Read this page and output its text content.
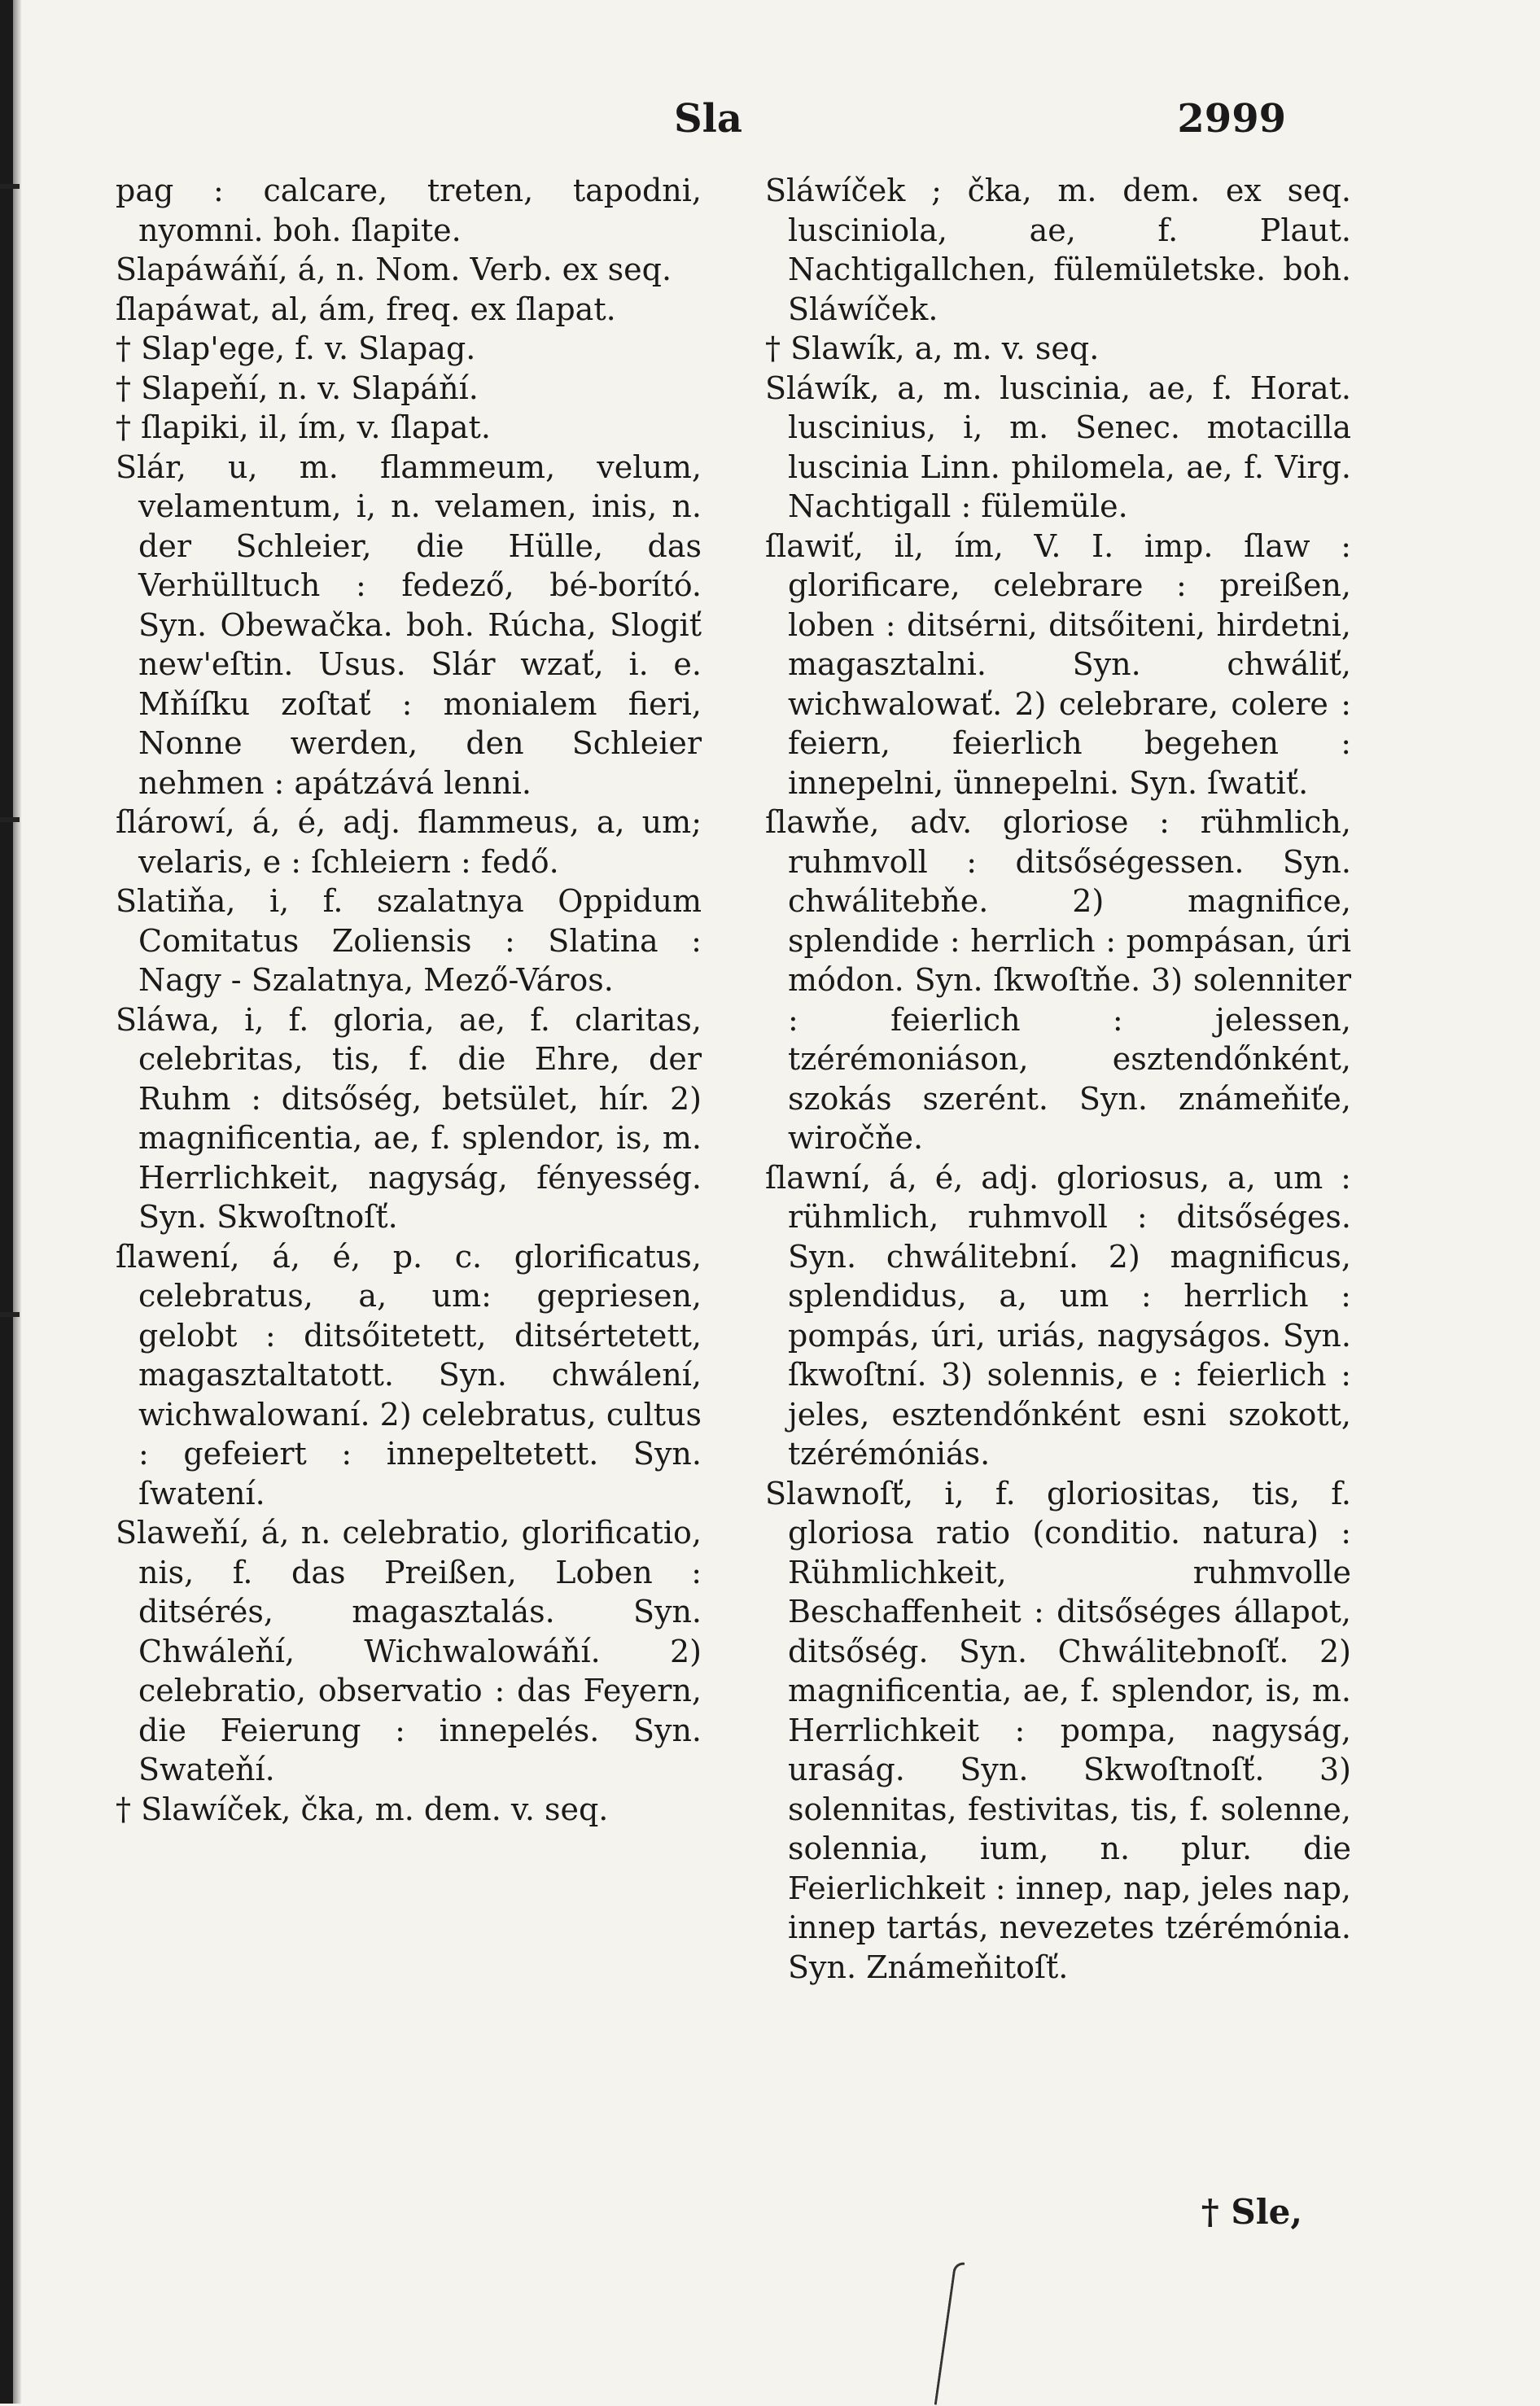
Sla	2999

pag : calcare, treten, tapodni, nyomni. boh. ſlapite.

Slapáwáňí, á, n. Nom. Verb. ex seq.

ſlapáwat, al, ám, freq. ex ſlapat.

† Slap'ege, f. v. Slapag.

† Slapeňí, n. v. Slapáňí.

† ſlapiki, il, ím, v. ſlapat.

Slár, u, m. flammeum, velum, velamentum, i, n. velamen, inis, n. der Schleier, die Hülle, das Verhülltuch : fedező, bé-borító. Syn. Obewačka. boh. Rúcha, Slogiť new'eſtin. Usus. Slár wzať, i. e. Mňíſku zoſtať : monialem fieri, Nonne werden, den Schleier nehmen : apátzává lenni.

ſlárowí, á, é, adj. flammeus, a, um; velaris, e : ſchleiern : fedő.

Slatiňa, i, f. szalatnya Oppidum Comitatus Zoliensis : Slatina : Nagy - Szalatnya, Mező-Város.

Sláwa, i, f. gloria, ae, f. claritas, celebritas, tis, f. die Ehre, der Ruhm : ditsőség, betsület, hír. 2) magnificentia, ae, f. splendor, is, m. Herrlichkeit, nagyság, fényesség. Syn. Skwoſtnoſť.

ſlawení, á, é, p. c. glorificatus, celebratus, a, um: gepriesen, gelobt : ditsőitetett, ditsértetett, magasztaltatott. Syn. chwálení, wichwalowaní. 2) celebratus, cultus : gefeiert : innepeltetett. Syn. ſwatení.

Slaweňí, á, n. celebratio, glorificatio, nis, f. das Preißen, Loben : ditsérés, magasztalás. Syn. Chwáleňí, Wichwalowáňí. 2) celebratio, observatio : das Feyern, die Feierung : innepelés. Syn. Swateňí.

† Slawíček, čka, m. dem. v. seq.

Sláwíček ; čka, m. dem. ex seq. lusciniola, ae, f. Plaut. Nachtigallchen, fülemületske. boh. Sláwíček.

† Slawík, a, m. v. seq.

Sláwík, a, m. luscinia, ae, f. Horat. luscinius, i, m. Senec. motacilla luscinia Linn. philomela, ae, f. Virg. Nachtigall : fülemüle.

ſlawiť, il, ím, V. I. imp. ſlaw : glorificare, celebrare : preißen, loben : ditsérni, ditsőiteni, hirdetni, magasztalni. Syn. chwáliť, wichwalowať. 2) celebrare, colere : feiern, feierlich begehen : innepelni, ünnepelni. Syn. ſwatiť.

ſlawňe, adv. gloriose : rühmlich, ruhmvoll : ditsőségessen. Syn. chwálitebňe. 2) magnifice, splendide : herrlich : pompásan, úri módon. Syn. ſkwoſtňe. 3) solenniter : feierlich : jelessen, tzérémoniáson, esztendőnként, szokás szerént. Syn. známeňiťe, wiročňe.

ſlawní, á, é, adj. gloriosus, a, um : rühmlich, ruhmvoll : ditsőséges. Syn. chwálitební. 2) magnificus, splendidus, a, um : herrlich : pompás, úri, uriás, nagyságos. Syn. ſkwoſtní. 3) solennis, e : feierlich : jeles, esztendőnként esni szokott, tzérémóniás.

Slawnoſť, i, f. gloriositas, tis, f. gloriosa ratio (conditio. natura) : Rühmlichkeit, ruhmvolle Beschaffenheit : ditsőséges állapot, ditsőség. Syn. Chwálitebnoſť. 2) magnificentia, ae, f. splendor, is, m. Herrlichkeit : pompa, nagyság, uraság. Syn. Skwoſtnoſť. 3) solennitas, festivitas, tis, f. solenne, solennia, ium, n. plur. die Feierlichkeit : innep, nap, jeles nap, innep tartás, nevezetes tzérémónia. Syn. Známeňitoſť.

† Sle,
